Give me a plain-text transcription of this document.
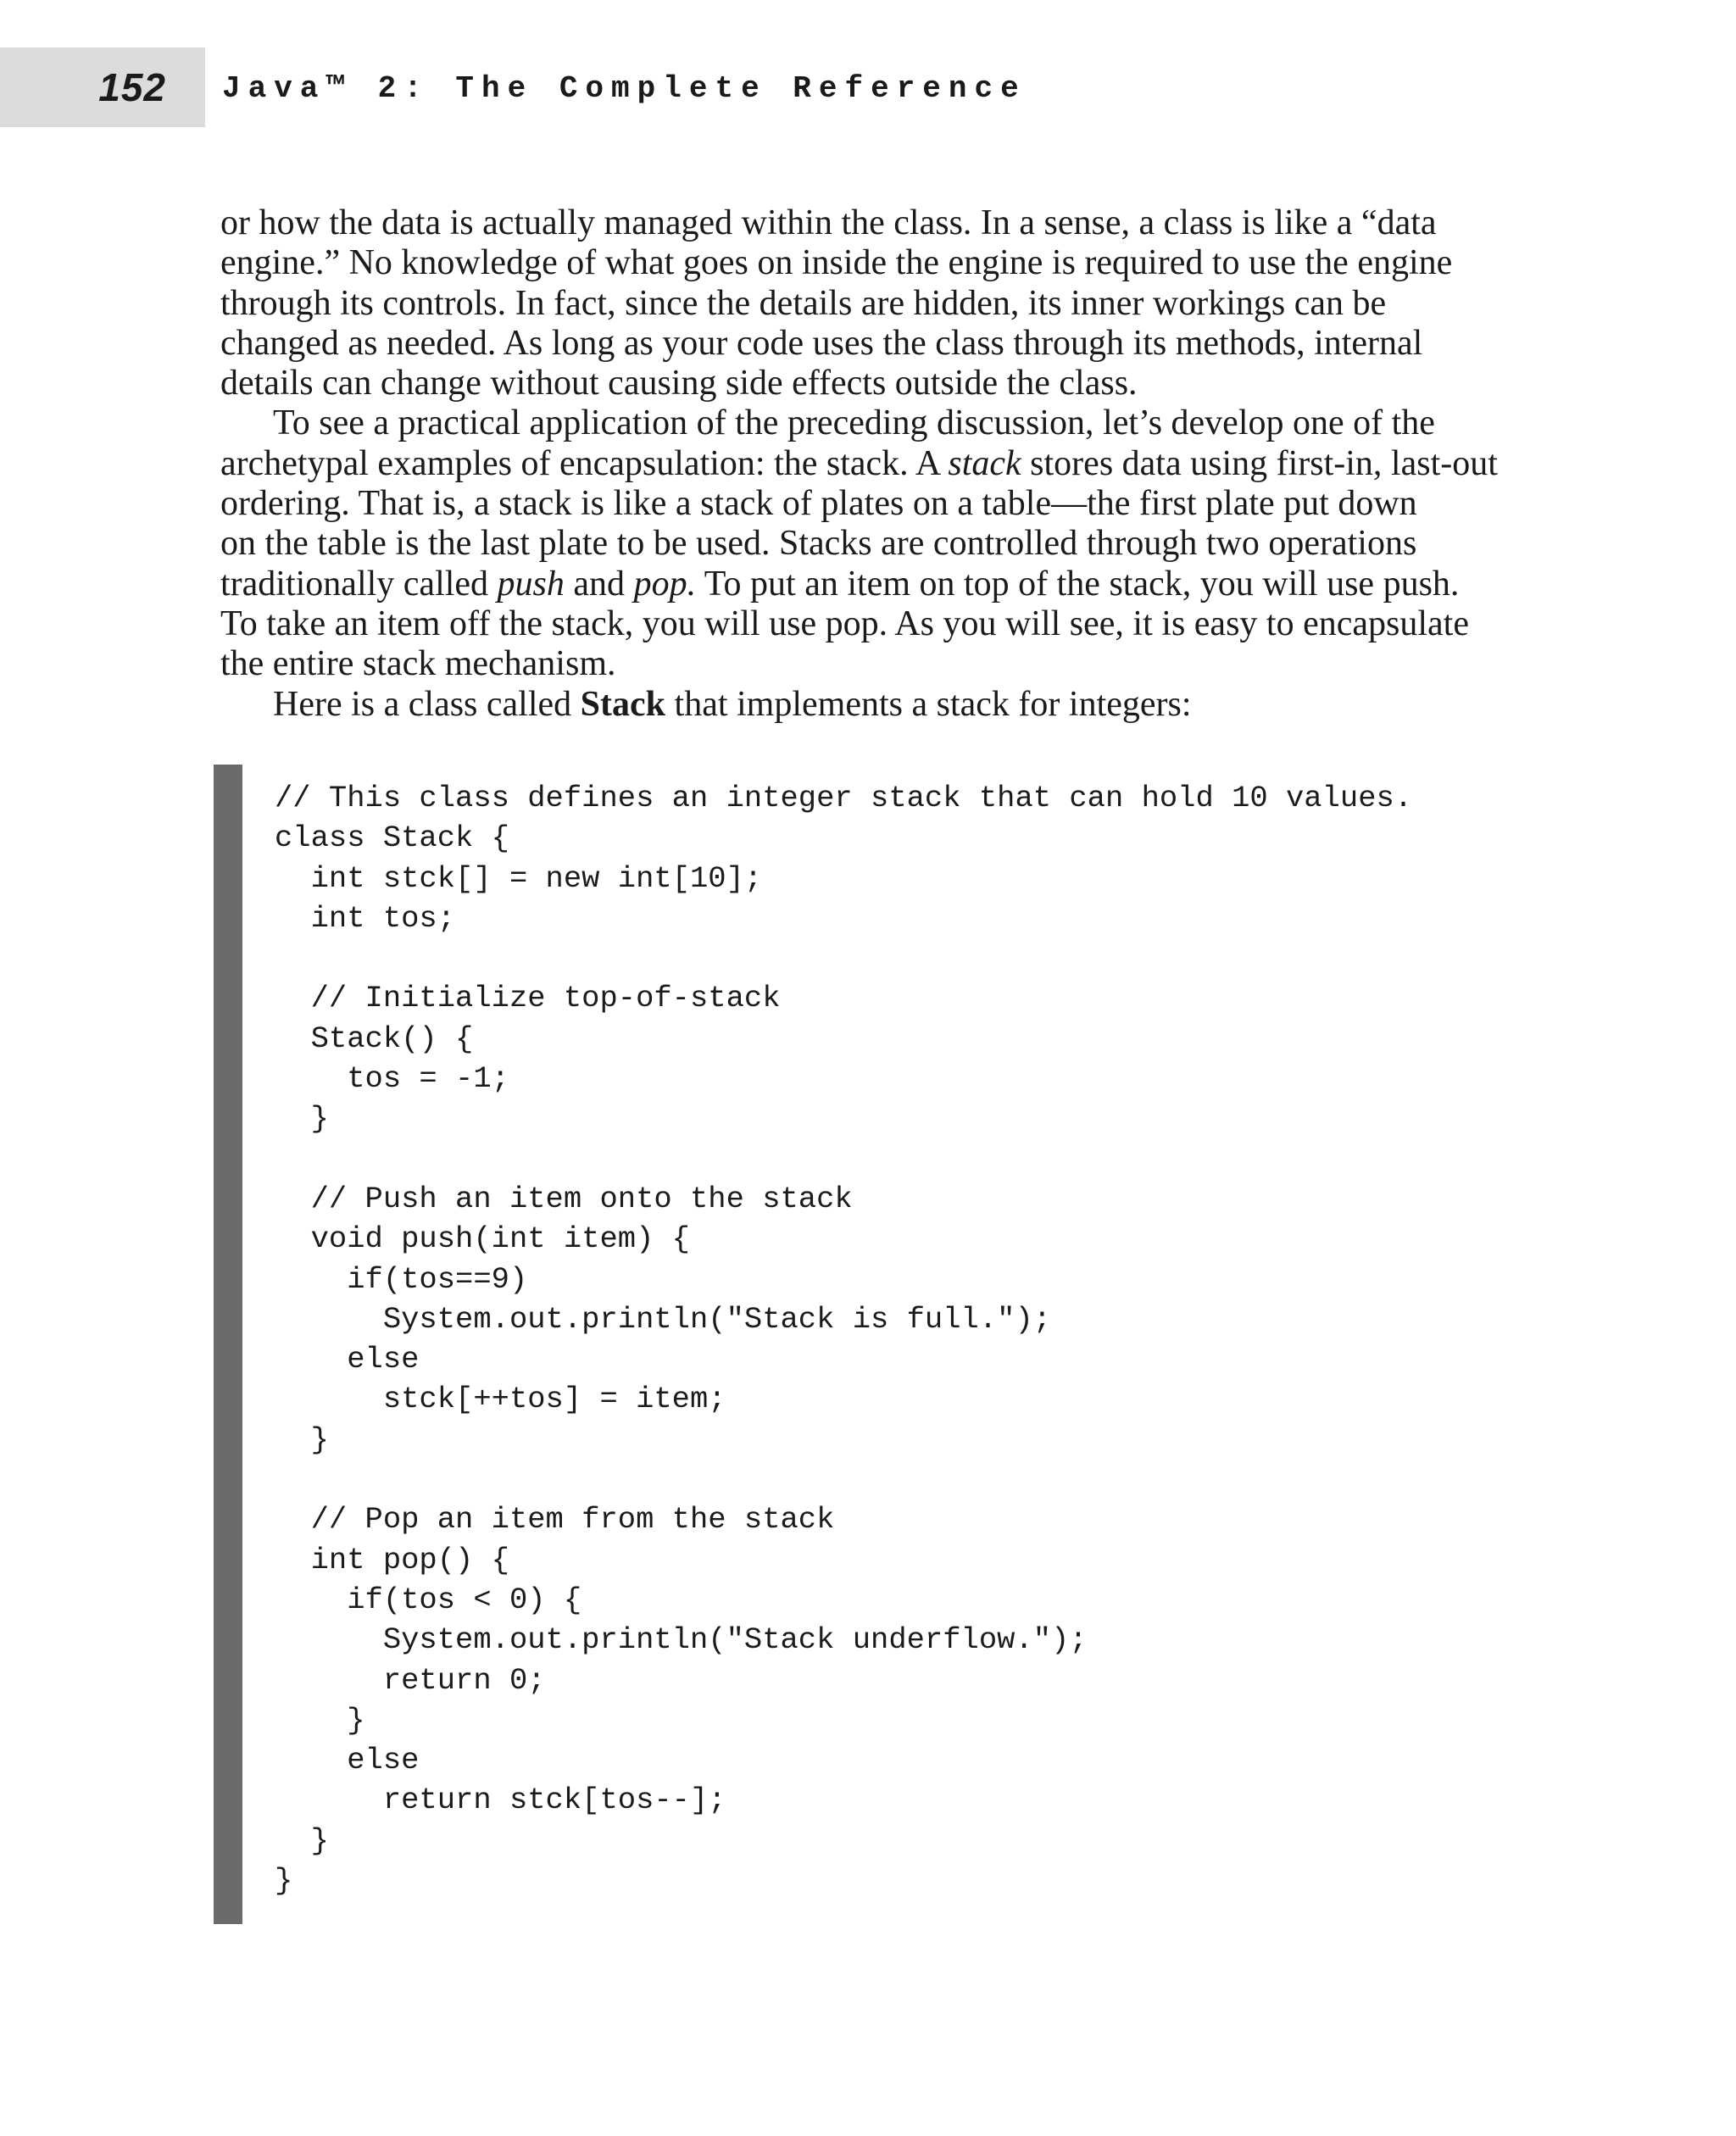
152 Java™ 2: The Complete Reference

or how the data is actually managed within the class. In a sense, a class is like a “data
engine.” No knowledge of what goes on inside the engine is required to use the engine
through its controls. In fact, since the details are hidden, its inner workings can be
changed as needed. As long as your code uses the class through its methods, internal
details can change without causing side effects outside the class.

To see a practical application of the preceding discussion, let’s develop one of the
archetypal examples of encapsulation: the stack. A stack stores data using first-in, last-out
ordering. That is, a stack is like a stack of plates on a table—the first plate put down
on the table is the last plate to be used. Stacks are controlled through two operations
traditionally called push and pop. To put an item on top of the stack, you will use push.
To take an item off the stack, you will use pop. As you will see, it is easy to encapsulate
the entire stack mechanism.

Here is a class called Stack that implements a stack for integers:

// This class defines an integer stack that can hold 10 values.
class Stack {
int stck[] = new int[10];
int tos;
// Initialize top-of-stack
Stack() {
tos = -1;
}
// Push an item onto the stack
void push(int item) {
if(tos==9)
System.out.println("Stack is full.");
else
stck[++tos] = item;
}
// Pop an item from the stack
int pop() {
if(tos < 0) {
System.out.println("Stack underflow.");
return 0;
}
else
return stck[tos--];
}
}
